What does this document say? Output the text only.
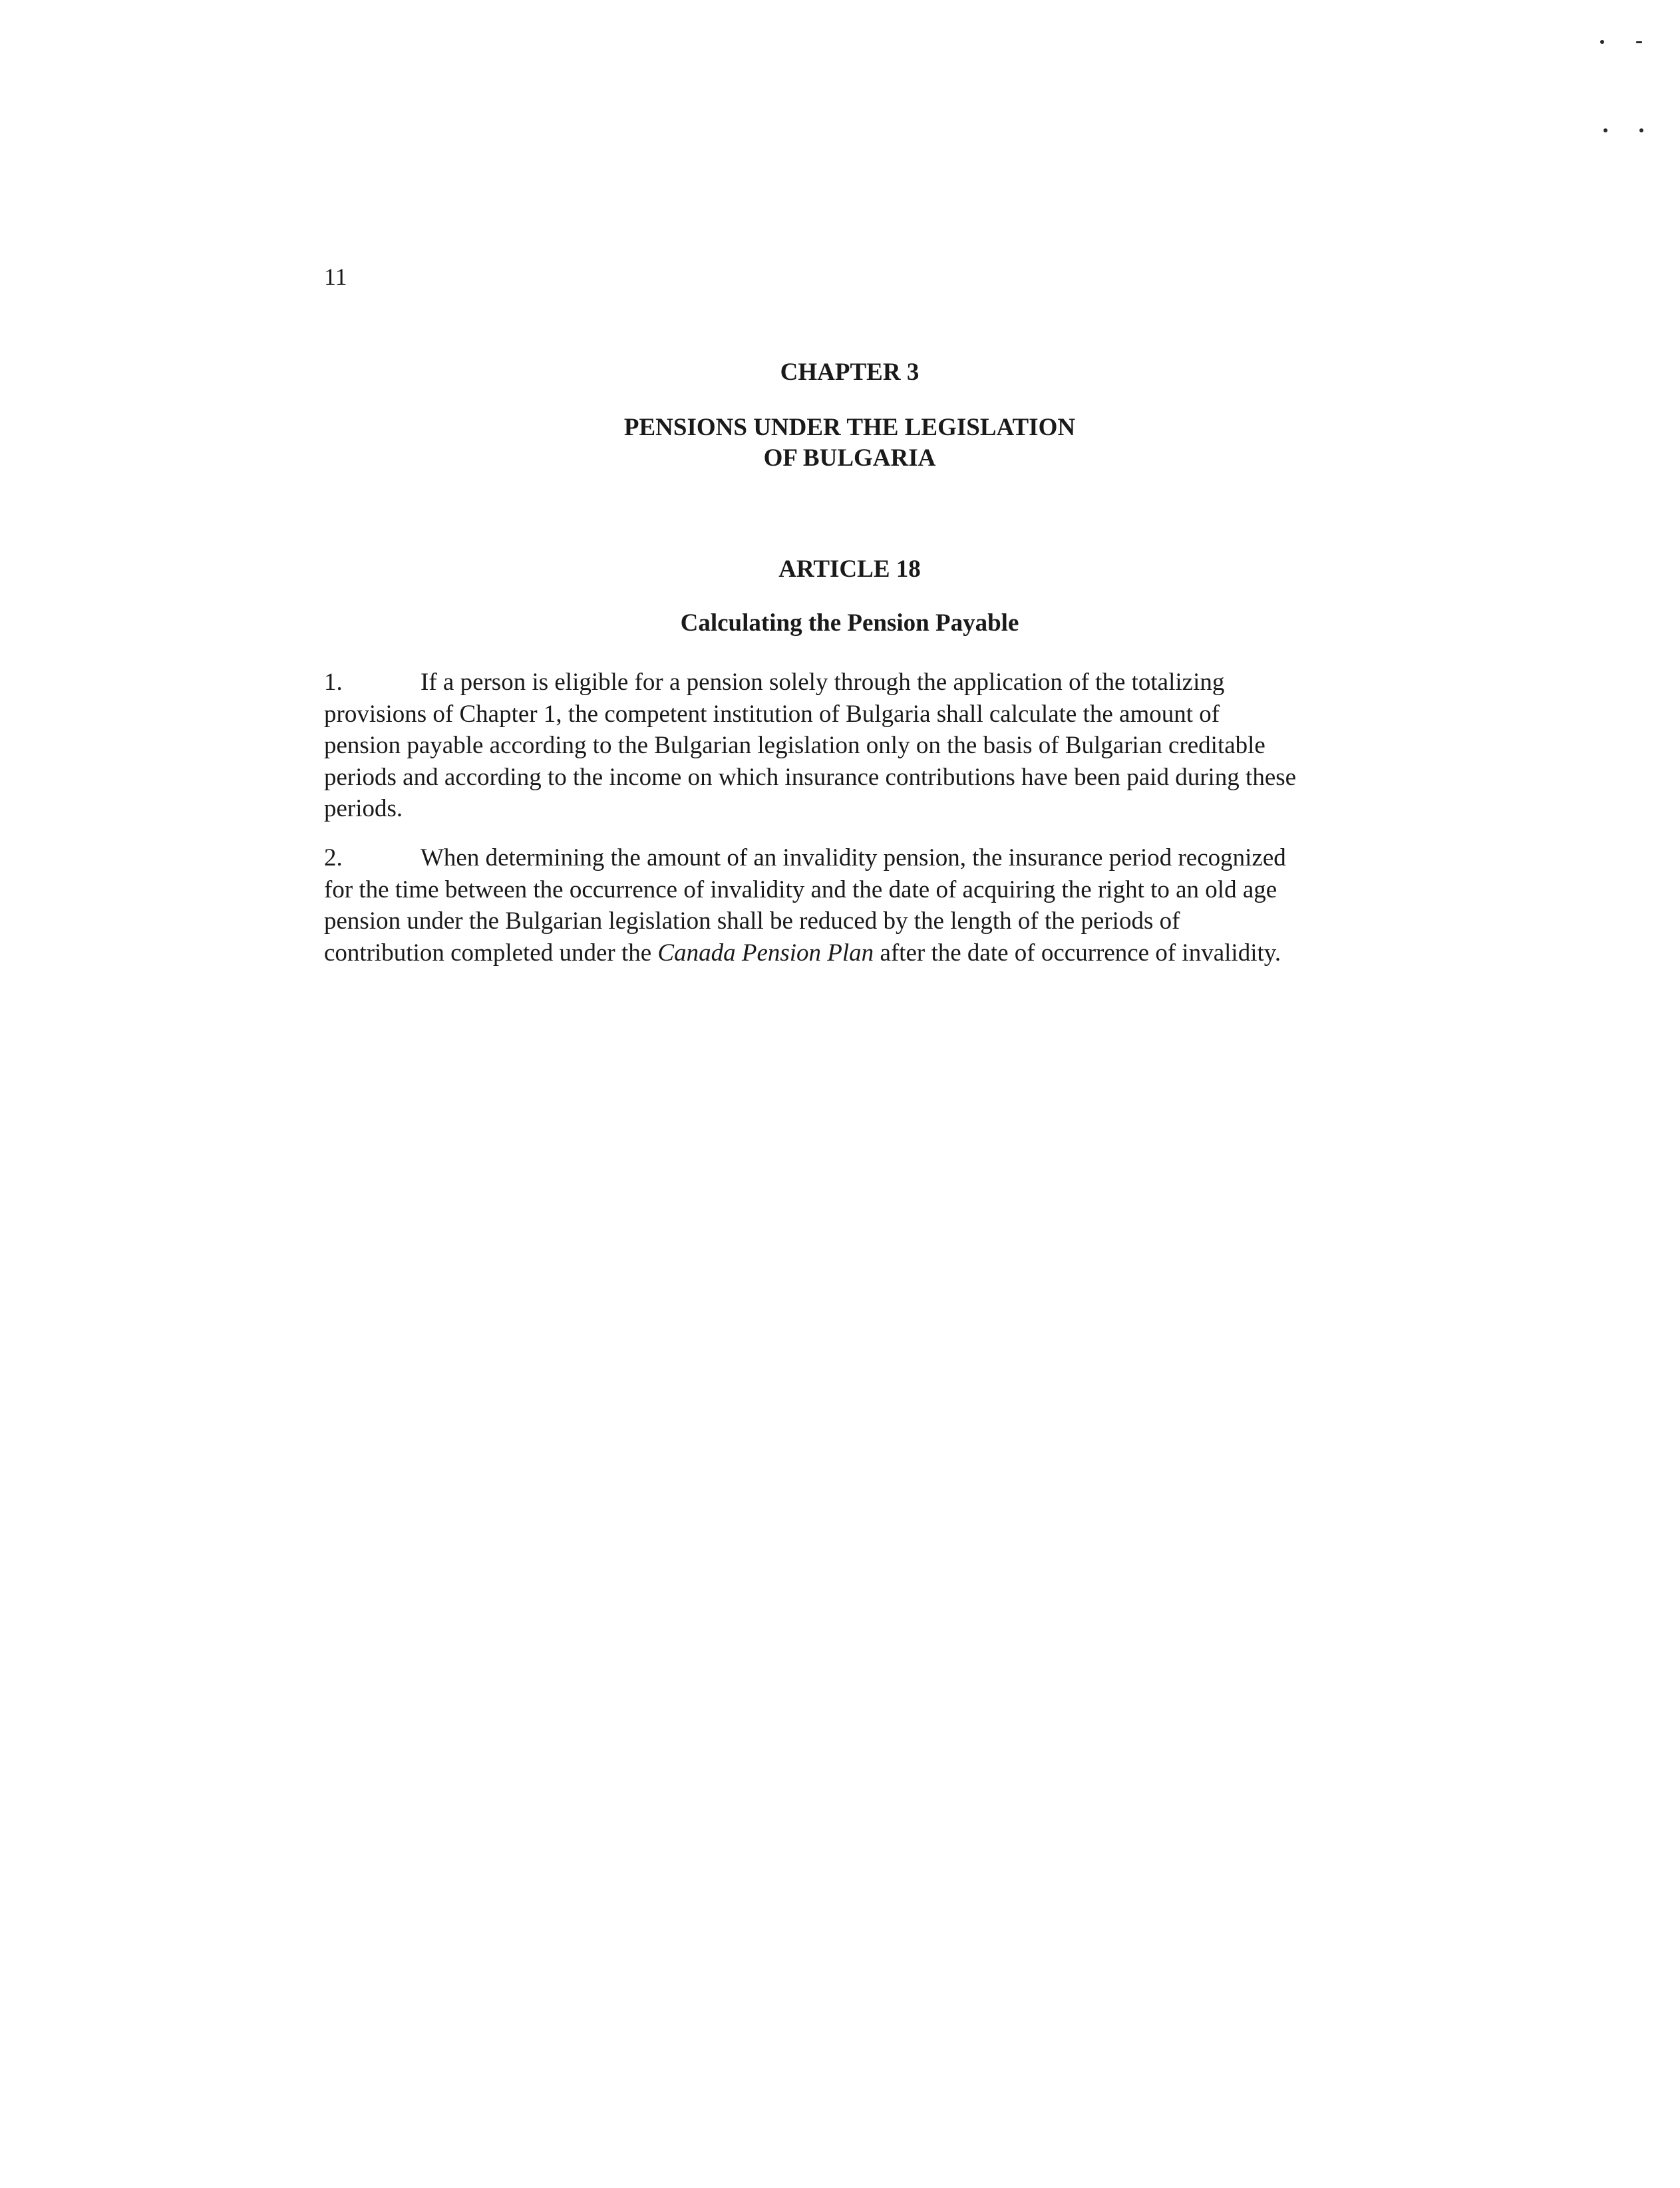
11
CHAPTER 3
PENSIONS UNDER THE LEGISLATION
OF BULGARIA
ARTICLE 18
Calculating the Pension Payable

1.	If a person is eligible for a pension solely through the application of the totalizing

provisions of Chapter 1, the competent institution of Bulgaria shall calculate the amount of

pension payable according to the Bulgarian legislation only on the basis of Bulgarian creditable

periods and according to the income on which insurance contributions have been paid during these

periods.

2.	When determining the amount of an invalidity pension, the insurance period recognized

for the time between the occurrence of invalidity and the date of acquiring the right to an old age

pension under the Bulgarian legislation shall be reduced by the length of the periods of

contribution completed under the Canada Pension Plan after the date of occurrence of invalidity.
